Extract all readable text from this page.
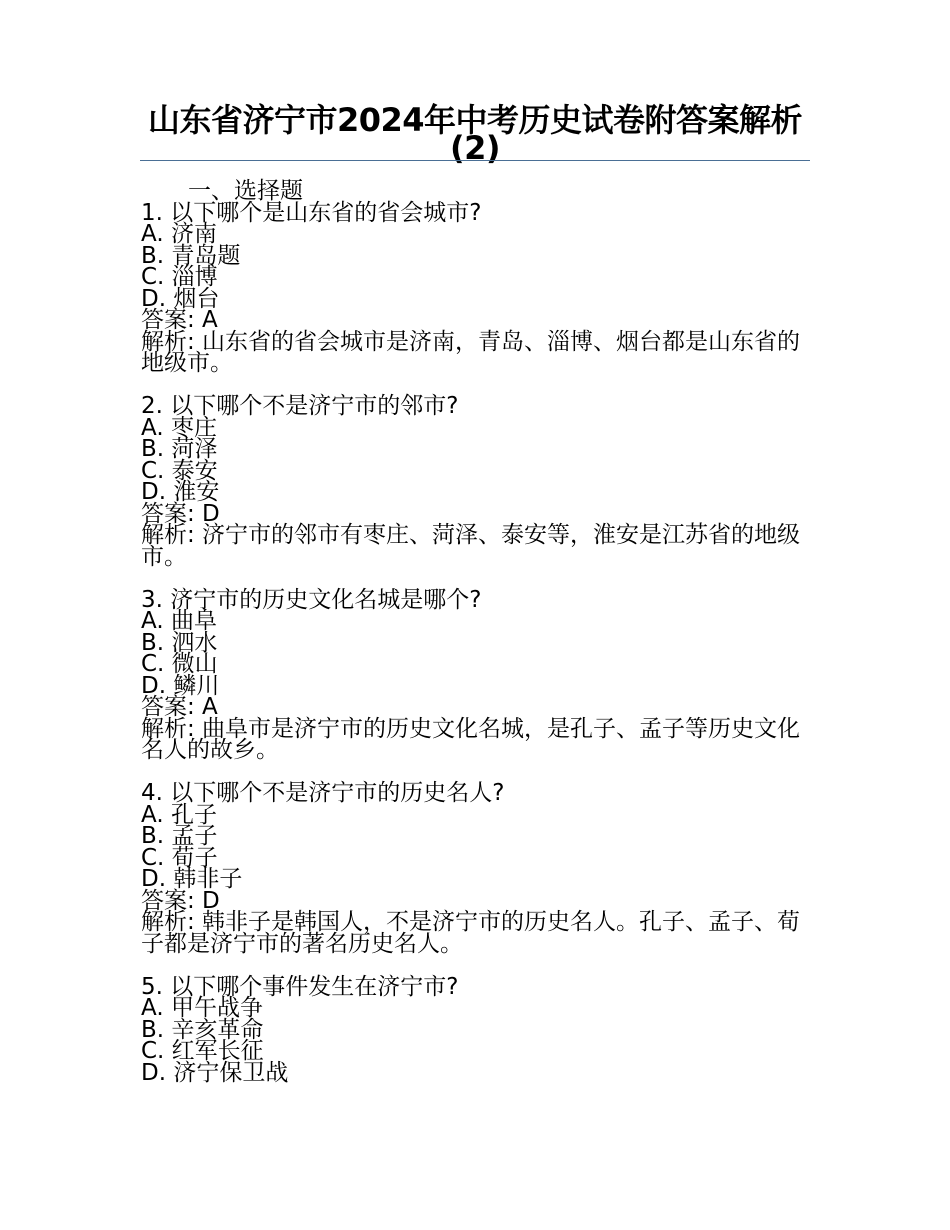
山东省济宁市2024年中考历史试卷附答案解析(2)
一、选择题
1. 以下哪个是山东省的省会城市?
A. 济南
B. 青岛题
C. 淄博
D. 烟台
答案: A
解析: 山东省的省会城市是济南，青岛、淄博、烟台都是山东省的地级市。
2. 以下哪个不是济宁市的邻市?
A. 枣庄
B. 菏泽
C. 泰安
D. 淮安
答案: D
解析: 济宁市的邻市有枣庄、菏泽、泰安等，淮安是江苏省的地级市。
3. 济宁市的历史文化名城是哪个?
A. 曲阜
B. 泗水
C. 微山
D. 鳞川
答案: A
解析: 曲阜市是济宁市的历史文化名城，是孔子、孟子等历史文化名人的故乡。
4. 以下哪个不是济宁市的历史名人?
A. 孔子
B. 孟子
C. 荀子
D. 韩非子
答案: D
解析: 韩非子是韩国人，不是济宁市的历史名人。孔子、孟子、荀子都是济宁市的著名历史名人。
5. 以下哪个事件发生在济宁市?
A. 甲午战争
B. 辛亥革命
C. 红军长征
D. 济宁保卫战
